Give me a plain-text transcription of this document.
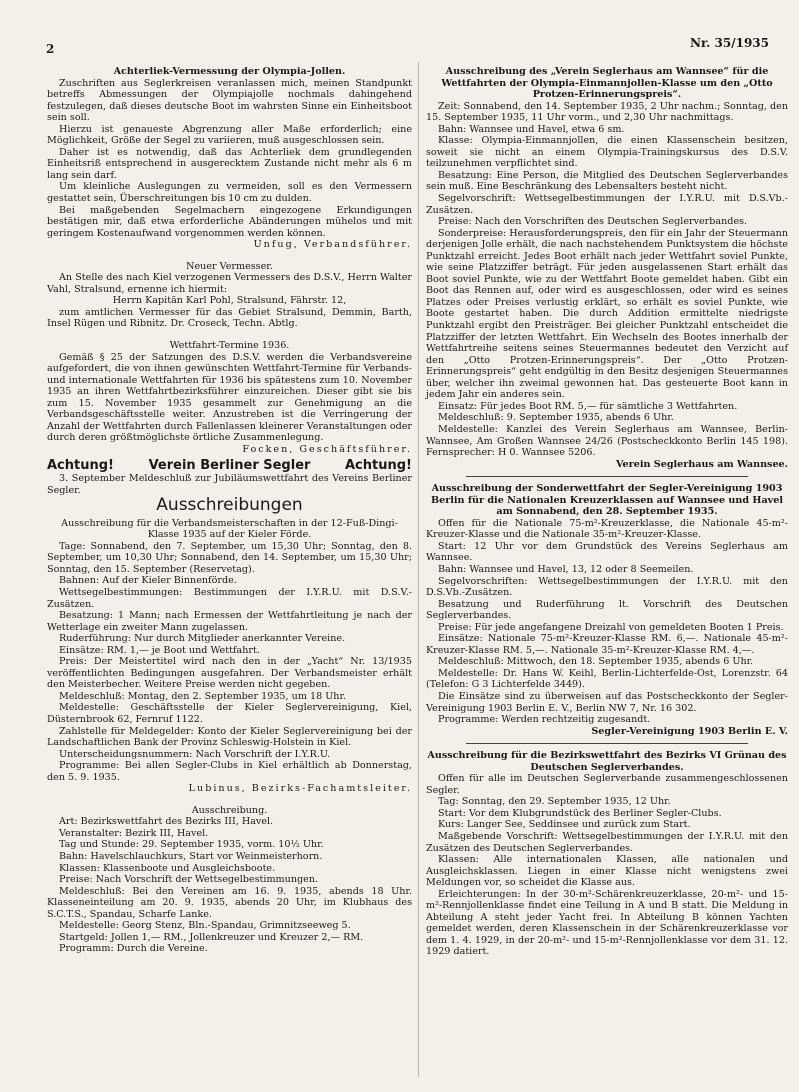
2	Nr. 35/1935

Achterliek-Vermessung der Olympia-Jollen.

Zuschriften aus Seglerkreisen veranlassen mich, meinen Standpunkt betreffs Abmessungen der Olympiajolle nochmals dahingehend festzulegen, daß dieses deutsche Boot im wahrsten Sinne ein Einheitsboot sein soll.

Hierzu ist genaueste Abgrenzung aller Maße erforderlich; eine Möglichkeit, Größe der Segel zu variieren, muß ausgeschlossen sein.

Daher ist es notwendig, daß das Achterliek dem grundlegenden Einheitsriß entsprechend in ausgerecktem Zustande nicht mehr als 6 m lang sein darf.

Um kleinliche Auslegungen zu vermeiden, soll es den Vermessern gestattet sein, Überschreitungen bis 10 cm zu dulden.

Bei maßgebenden Segelmachern eingezogene Erkundigungen bestätigen mir, daß etwa erforderliche Abänderungen mühelos und mit geringem Kostenaufwand vorgenommen werden können.

Unfug, Verbandsführer.

Neuer Vermesser.

An Stelle des nach Kiel verzogenen Vermessers des D.S.V., Herrn Walter Vahl, Stralsund, ernenne ich hiermit:

Herrn Kapitän Karl Pohl, Stralsund, Fährstr. 12,

zum amtlichen Vermesser für das Gebiet Stralsund, Demmin, Barth, Insel Rügen und Ribnitz. Dr. Croseck, Techn. Abtlg.

Wettfahrt-Termine 1936.

Gemäß § 25 der Satzungen des D.S.V. werden die Verbandsvereine aufgefordert, die von ihnen gewünschten Wettfahrt-Termine für Verbands- und internationale Wettfahrten für 1936 bis spätestens zum 10. November 1935 an ihren Wettfahrtbezirksführer einzureichen. Dieser gibt sie bis zum 15. November 1935 gesammelt zur Genehmigung an die Verbandsgeschäftsstelle weiter. Anzustreben ist die Verringerung der Anzahl der Wettfahrten durch Fallenlassen kleinerer Veranstaltungen oder durch deren größtmöglichste örtliche Zusammenlegung.

Focken, Geschäftsführer.

Achtung!	Verein Berliner Segler	Achtung!

3. September Meldeschluß zur Jubiläumswettfahrt des Vereins Berliner Segler.

Ausschreibungen

Ausschreibung für die Verbandsmeisterschaften in der 12-Fuß-Dingi-Klasse 1935 auf der Kieler Förde.

Tage: Sonnabend, den 7. September, um 15,30 Uhr; Sonntag, den 8. September, um 10,30 Uhr; Sonnabend, den 14. September, um 15,30 Uhr; Sonntag, den 15. September (Reservetag).

Bahnen: Auf der Kieler Binnenförde.

Wettsegelbestimmungen: Bestimmungen der I.Y.R.U. mit D.S.V.-Zusätzen.

Besatzung: 1 Mann; nach Ermessen der Wettfahrtleitung je nach der Wetterlage ein zweiter Mann zugelassen.

Ruderführung: Nur durch Mitglieder anerkannter Vereine.

Einsätze: RM. 1,— je Boot und Wettfahrt.

Preis: Der Meistertitel wird nach den in der „Yacht“ Nr. 13/1935 veröffentlichten Bedingungen ausgefahren. Der Verbandsmeister erhält den Meisterbecher. Weitere Preise werden nicht gegeben.

Meldeschluß: Montag, den 2. September 1935, um 18 Uhr.

Meldestelle: Geschäftsstelle der Kieler Seglervereinigung, Kiel, Düsternbrook 62, Fernruf 1122.

Zahlstelle für Meldegelder: Konto der Kieler Seglervereinigung bei der Landschaftlichen Bank der Provinz Schleswig-Holstein in Kiel.

Unterscheidungsnummern: Nach Vorschrift der I.Y.R.U.

Programme: Bei allen Segler-Clubs in Kiel erhältlich ab Donnerstag, den 5. 9. 1935.

Lubinus, Bezirks-Fachamtsleiter.

Ausschreibung.

Art: Bezirkswettfahrt des Bezirks III, Havel.

Veranstalter: Bezirk III, Havel.

Tag und Stunde: 29. September 1935, vorm. 10½ Uhr.

Bahn: Havelschlauchkurs, Start vor Weinmeisterhorn.

Klassen: Klassenboote und Ausgleichsboote.

Preise: Nach Vorschrift der Wettsegelbestimmungen.

Meldeschluß: Bei den Vereinen am 16. 9. 1935, abends 18 Uhr. Klasseneinteilung am 20. 9. 1935, abends 20 Uhr, im Klubhaus des S.C.T.S., Spandau, Scharfe Lanke.

Meldestelle: Georg Stenz, Bln.-Spandau, Grimnitzseeweg 5.

Startgeld: Jollen 1,— RM., Jollenkreuzer und Kreuzer 2,— RM.

Programm: Durch die Vereine.

Ausschreibung des „Verein Seglerhaus am Wannsee“ für die Wettfahrten der Olympia-Einmannjollen-Klasse um den „Otto Protzen-Erinnerungspreis“.

Zeit: Sonnabend, den 14. September 1935, 2 Uhr nachm.; Sonntag, den 15. September 1935, 11 Uhr vorm., und 2,30 Uhr nachmittags.

Bahn: Wannsee und Havel, etwa 6 sm.

Klasse: Olympia-Einmannjollen, die einen Klassenschein besitzen, soweit sie nicht an einem Olympia-Trainingskursus des D.S.V. teilzunehmen verpflichtet sind.

Besatzung: Eine Person, die Mitglied des Deutschen Seglerverbandes sein muß. Eine Beschränkung des Lebensalters besteht nicht.

Segelvorschrift: Wettsegelbestimmungen der I.Y.R.U. mit D.S.Vb.-Zusätzen.

Preise: Nach den Vorschriften des Deutschen Seglerverbandes.

Sonderpreise: Herausforderungspreis, den für ein Jahr der Steuermann derjenigen Jolle erhält, die nach nachstehendem Punktsystem die höchste Punktzahl erreicht. Jedes Boot erhält nach jeder Wettfahrt soviel Punkte, wie seine Platzziffer beträgt. Für jeden ausgelassenen Start erhält das Boot soviel Punkte, wie zu der Wettfahrt Boote gemeldet haben. Gibt ein Boot das Rennen auf, oder wird es ausgeschlossen, oder wird es seines Platzes oder Preises verlustig erklärt, so erhält es soviel Punkte, wie Boote gestartet haben. Die durch Addition ermittelte niedrigste Punktzahl ergibt den Preisträger. Bei gleicher Punktzahl entscheidet die Platzziffer der letzten Wettfahrt. Ein Wechseln des Bootes innerhalb der Wettfahrtreihe seitens seines Steuermannes bedeutet den Verzicht auf den „Otto Protzen-Erinnerungspreis“. Der „Otto Protzen-Erinnerungspreis“ geht endgültig in den Besitz desjenigen Steuermannes über, welcher ihn zweimal gewonnen hat. Das gesteuerte Boot kann in jedem Jahr ein anderes sein.

Einsatz: Für jedes Boot RM. 5,— für sämtliche 3 Wettfahrten.

Meldeschluß: 9. September 1935, abends 6 Uhr.

Meldestelle: Kanzlei des Verein Seglerhaus am Wannsee, Berlin-Wannsee, Am Großen Wannsee 24/26 (Postscheckkonto Berlin 145 198). Fernsprecher: H 0. Wannsee 5206.

Verein Seglerhaus am Wannsee.

Ausschreibung der Sonderwettfahrt der Segler-Vereinigung 1903 Berlin für die Nationalen Kreuzerklassen auf Wannsee und Havel am Sonnabend, den 28. September 1935.

Offen für die Nationale 75-m²-Kreuzerklasse, die Nationale 45-m²-Kreuzer-Klasse und die Nationale 35-m²-Kreuzer-Klasse.

Start: 12 Uhr vor dem Grundstück des Vereins Seglerhaus am Wannsee.

Bahn: Wannsee und Havel, 13, 12 oder 8 Seemeilen.

Segelvorschriften: Wettsegelbestimmungen der I.Y.R.U. mit den D.S.Vb.-Zusätzen.

Besatzung und Ruderführung lt. Vorschrift des Deutschen Seglerverbandes.

Preise: Für jede angefangene Dreizahl von gemeldeten Booten 1 Preis.

Einsätze: Nationale 75-m²-Kreuzer-Klasse RM. 6,—. Nationale 45-m²-Kreuzer-Klasse RM. 5,—. Nationale 35-m²-Kreuzer-Klasse RM. 4,—.

Meldeschluß: Mittwoch, den 18. September 1935, abends 6 Uhr.

Meldestelle: Dr. Hans W. Keihl, Berlin-Lichterfelde-Ost, Lorenzstr. 64 (Telefon: G 3 Lichterfelde 3449).

Die Einsätze sind zu überweisen auf das Postscheckkonto der Segler-Vereinigung 1903 Berlin E. V., Berlin NW 7, Nr. 16 302.

Programme: Werden rechtzeitig zugesandt.

Segler-Vereinigung 1903 Berlin E. V.

Ausschreibung für die Bezirkswettfahrt des Bezirks VI Grünau des Deutschen Seglerverbandes.

Offen für alle im Deutschen Seglerverbande zusammengeschlossenen Segler.

Tag: Sonntag, den 29. September 1935, 12 Uhr.

Start: Vor dem Klubgrundstück des Berliner Segler-Clubs.

Kurs: Langer See, Seddinsee und zurück zum Start.

Maßgebende Vorschrift: Wettsegelbestimmungen der I.Y.R.U. mit den Zusätzen des Deutschen Seglerverbandes.

Klassen: Alle internationalen Klassen, alle nationalen und Ausgleichsklassen. Liegen in einer Klasse nicht wenigstens zwei Meldungen vor, so scheidet die Klasse aus.

Erleichterungen: In der 30-m²-Schärenkreuzerklasse, 20-m²- und 15-m²-Rennjollenklasse findet eine Teilung in A und B statt. Die Meldung in Abteilung A steht jeder Yacht frei. In Abteilung B können Yachten gemeldet werden, deren Klassenschein in der Schärenkreuzerklasse vor dem 1. 4. 1929, in der 20-m²- und 15-m²-Rennjollenklasse vor dem 31. 12. 1929 datiert.
